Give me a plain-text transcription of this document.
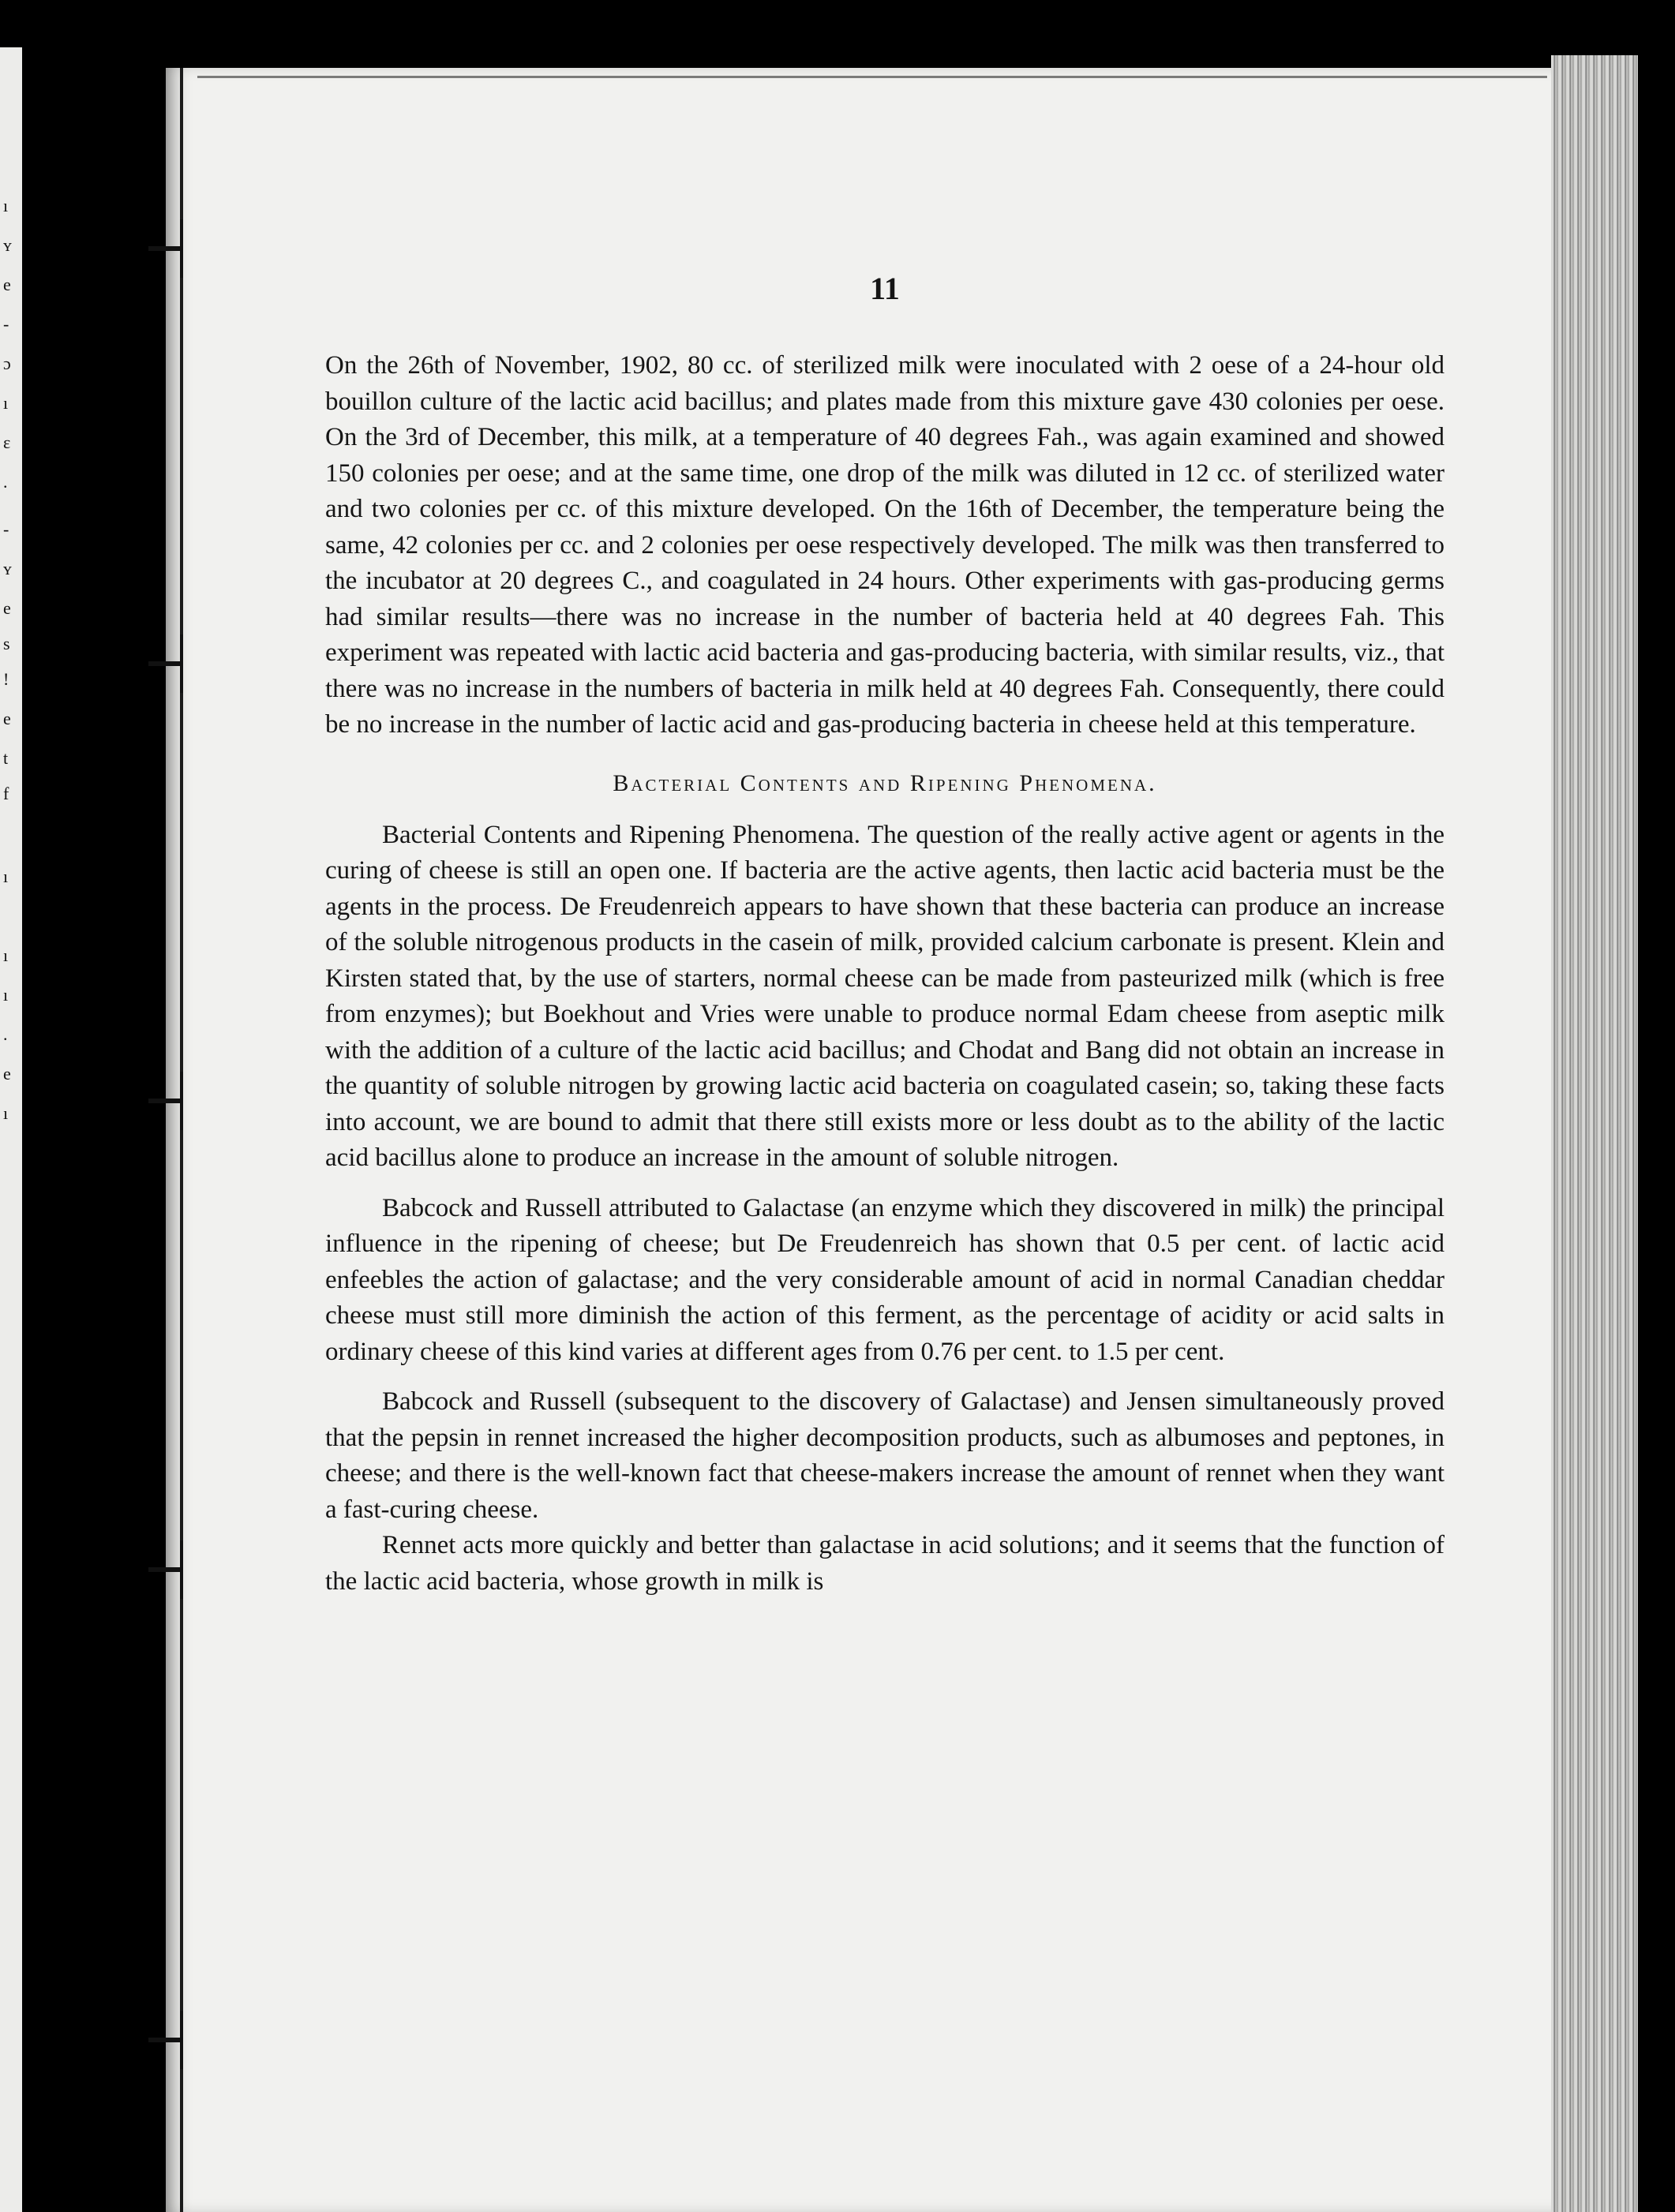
ı
ʏ
e
-
ɔ
ı
ɛ
.
-
ʏ
e
s
!
e
t
f
ı
ı
ı
.
e
ı
11

On the 26th of November, 1902, 80 cc. of sterilized milk were inoculated with 2 oese of a 24-hour old bouillon culture of the lactic acid bacillus; and plates made from this mixture gave 430 colonies per oese. On the 3rd of December, this milk, at a temperature of 40 degrees Fah., was again examined and showed 150 colonies per oese; and at the same time, one drop of the milk was diluted in 12 cc. of sterilized water and two colonies per cc. of this mixture developed. On the 16th of December, the temperature being the same, 42 colonies per cc. and 2 colonies per oese respectively developed. The milk was then transferred to the incubator at 20 degrees C., and coagulated in 24 hours. Other experiments with gas-producing germs had similar results—there was no increase in the number of bacteria held at 40 degrees Fah. This experiment was repeated with lactic acid bacteria and gas-producing bacteria, with similar results, viz., that there was no increase in the numbers of bacteria in milk held at 40 degrees Fah. Consequently, there could be no increase in the number of lactic acid and gas-producing bacteria in cheese held at this temperature.

Bacterial Contents and Ripening Phenomena.

Bacterial Contents and Ripening Phenomena. The question of the really active agent or agents in the curing of cheese is still an open one. If bacteria are the active agents, then lactic acid bacteria must be the agents in the process. De Freudenreich appears to have shown that these bacteria can produce an increase of the soluble nitrogenous products in the casein of milk, provided calcium carbonate is present. Klein and Kirsten stated that, by the use of starters, normal cheese can be made from pasteurized milk (which is free from enzymes); but Boekhout and Vries were unable to produce normal Edam cheese from aseptic milk with the addition of a culture of the lactic acid bacillus; and Chodat and Bang did not obtain an increase in the quantity of soluble nitrogen by growing lactic acid bacteria on coagulated casein; so, taking these facts into account, we are bound to admit that there still exists more or less doubt as to the ability of the lactic acid bacillus alone to produce an increase in the amount of soluble nitrogen.

Babcock and Russell attributed to Galactase (an enzyme which they discovered in milk) the principal influence in the ripening of cheese; but De Freudenreich has shown that 0.5 per cent. of lactic acid enfeebles the action of galactase; and the very considerable amount of acid in normal Canadian cheddar cheese must still more diminish the action of this ferment, as the percentage of acidity or acid salts in ordinary cheese of this kind varies at different ages from 0.76 per cent. to 1.5 per cent.

Babcock and Russell (subsequent to the discovery of Galactase) and Jensen simultaneously proved that the pepsin in rennet increased the higher decomposition products, such as albumoses and peptones, in cheese; and there is the well-known fact that cheese-makers increase the amount of rennet when they want a fast-curing cheese.

Rennet acts more quickly and better than galactase in acid solutions; and it seems that the function of the lactic acid bacteria, whose growth in milk is
